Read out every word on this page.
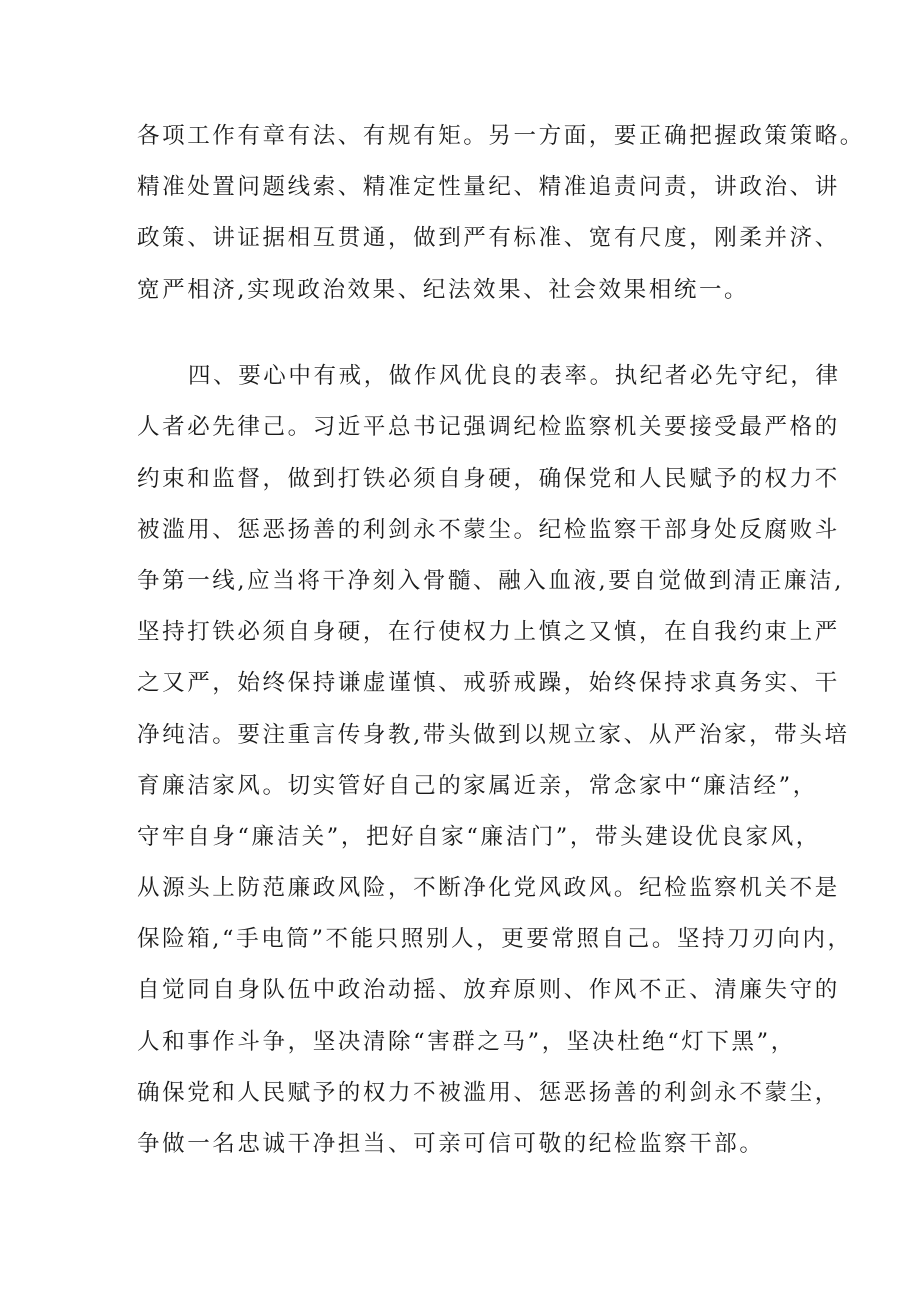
各项工作有章有法、有规有矩。另一方面，要正确把握政策策略。

精准处置问题线索、精准定性量纪、精准追责问责，讲政治、讲

政策、讲证据相互贯通，做到严有标准、宽有尺度，刚柔并济、

宽严相济,实现政治效果、纪法效果、社会效果相统一。

四、要心中有戒，做作风优良的表率。执纪者必先守纪，律

人者必先律己。习近平总书记强调纪检监察机关要接受最严格的

约束和监督，做到打铁必须自身硬，确保党和人民赋予的权力不

被滥用、惩恶扬善的利剑永不蒙尘。纪检监察干部身处反腐败斗

争第一线,应当将干净刻入骨髓、融入血液,要自觉做到清正廉洁,

坚持打铁必须自身硬，在行使权力上慎之又慎，在自我约束上严

之又严，始终保持谦虚谨慎、戒骄戒躁，始终保持求真务实、干

净纯洁。要注重言传身教,带头做到以规立家、从严治家，带头培

育廉洁家风。切实管好自己的家属近亲，常念家中“廉洁经”，

守牢自身“廉洁关”，把好自家“廉洁门”，带头建设优良家风，

从源头上防范廉政风险，不断净化党风政风。纪检监察机关不是

保险箱,“手电筒”不能只照别人，更要常照自己。坚持刀刃向内，

自觉同自身队伍中政治动摇、放弃原则、作风不正、清廉失守的

人和事作斗争，坚决清除“害群之马”，坚决杜绝“灯下黑”，

确保党和人民赋予的权力不被滥用、惩恶扬善的利剑永不蒙尘，

争做一名忠诚干净担当、可亲可信可敬的纪检监察干部。
